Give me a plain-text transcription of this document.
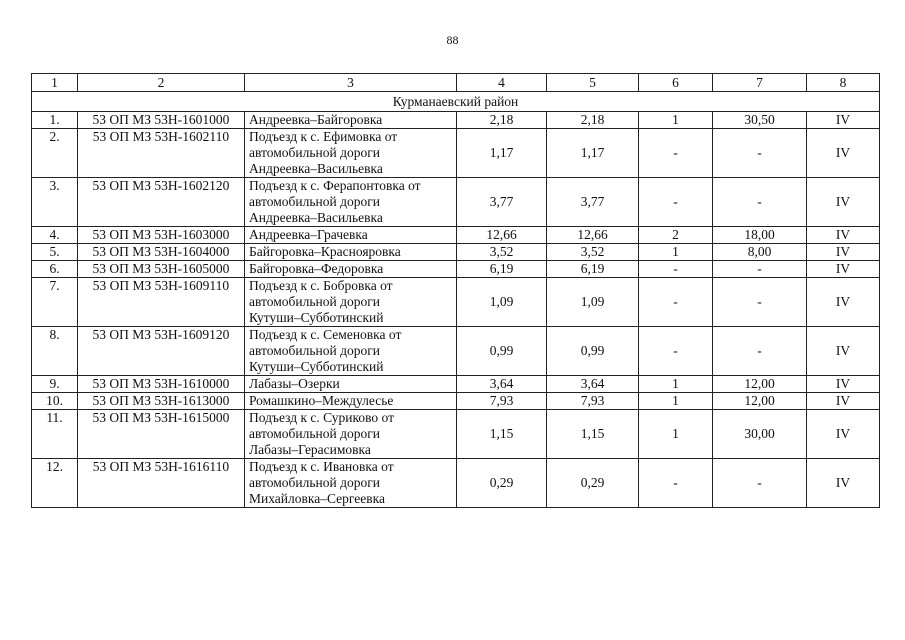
88
1	2	3	4	5	6	7	8
Курманаевский район							
1.	53 ОП МЗ 53Н-1601000	Андреевка–Байгоровка	2,18	2,18	1	30,50	IV
2.	53 ОП МЗ 53Н-1602110	Подъезд к с. Ефимовка от
автомобильной дороги
Андреевка–Васильевка	1,17	1,17	-	-	IV
3.	53 ОП МЗ 53Н-1602120	Подъезд к с. Ферапонтовка от
автомобильной дороги
Андреевка–Васильевка	3,77	3,77	-	-	IV
4.	53 ОП МЗ 53Н-1603000	Андреевка–Грачевка	12,66	12,66	2	18,00	IV
5.	53 ОП МЗ 53Н-1604000	Байгоровка–Краснояровка	3,52	3,52	1	8,00	IV
6.	53 ОП МЗ 53Н-1605000	Байгоровка–Федоровка	6,19	6,19	-	-	IV
7.	53 ОП МЗ 53Н-1609110	Подъезд к с. Бобровка от
автомобильной дороги
Кутуши–Субботинский	1,09	1,09	-	-	IV
8.	53 ОП МЗ 53Н-1609120	Подъезд к с. Семеновка от
автомобильной дороги
Кутуши–Субботинский	0,99	0,99	-	-	IV
9.	53 ОП МЗ 53Н-1610000	Лабазы–Озерки	3,64	3,64	1	12,00	IV
10.	53 ОП МЗ 53Н-1613000	Ромашкино–Междулесье	7,93	7,93	1	12,00	IV
11.	53 ОП МЗ 53Н-1615000	Подъезд к с. Суриково от
автомобильной дороги
Лабазы–Герасимовка	1,15	1,15	1	30,00	IV
12.	53 ОП МЗ 53Н-1616110	Подъезд к с. Ивановка от
автомобильной дороги
Михайловка–Сергеевка	0,29	0,29	-	-	IV
